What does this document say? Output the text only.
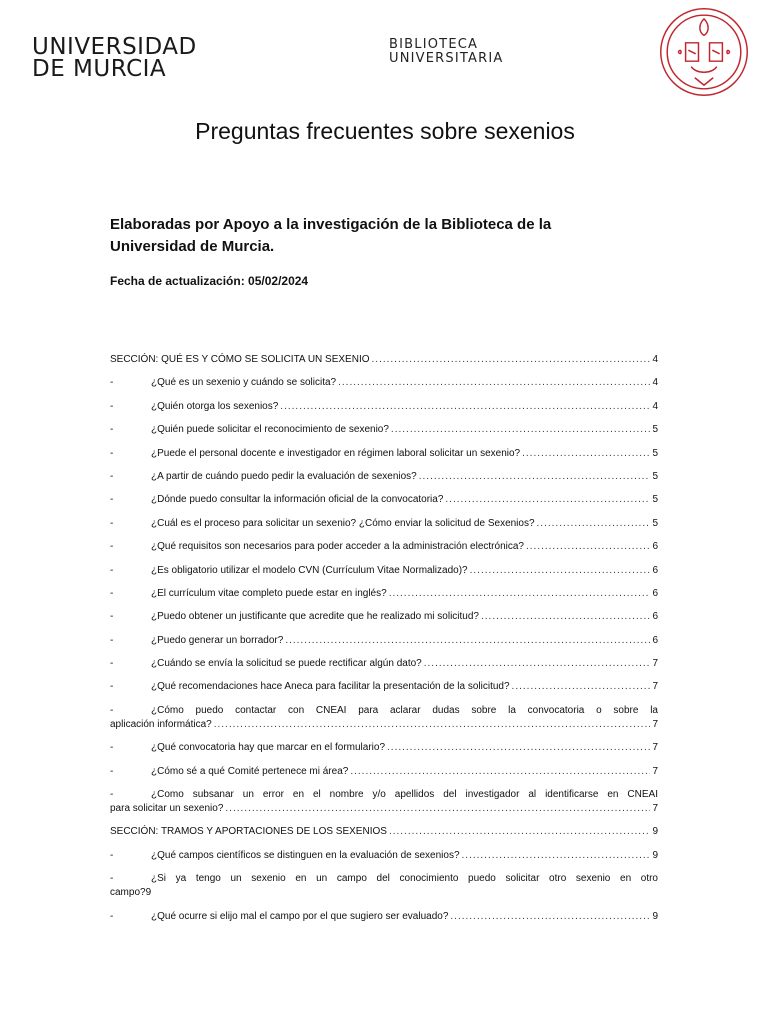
UNIVERSIDAD
DE MURCIA
BIBLIOTECA
UNIVERSITARIA
Preguntas frecuentes sobre sexenios
Elaboradas por Apoyo a la investigación de la Biblioteca de la Universidad de Murcia.
Fecha de actualización: 05/02/2024
SECCIÓN: QUÉ ES Y CÓMO SE SOLICITA UN SEXENIO .....	4
-	¿Qué es un sexenio y cuándo se solicita? .....	4
-	¿Quién otorga los sexenios? .....	4
-	¿Quién puede solicitar el reconocimiento de sexenio? .....	5
-	¿Puede el personal docente e investigador en régimen laboral solicitar un sexenio? .....	5
-	¿A partir de cuándo puedo pedir la evaluación de sexenios? .....	5
-	¿Dónde puedo consultar la información oficial de la convocatoria? .....	5
-	¿Cuál es el proceso para solicitar un sexenio? ¿Cómo enviar la solicitud de Sexenios? .....	5
-	¿Qué requisitos son necesarios para poder acceder a la administración electrónica? .....	6
-	¿Es obligatorio utilizar el modelo CVN (Currículum Vitae Normalizado)? .....	6
-	¿El currículum vitae completo puede estar en inglés? .....	6
-	¿Puedo obtener un justificante que acredite que he realizado mi solicitud? .....	6
-	¿Puedo generar un borrador? .....	6
-	¿Cuándo se envía la solicitud se puede rectificar algún dato? .....	7
-	¿Qué recomendaciones hace Aneca para facilitar la presentación de la solicitud? .....	7
-	¿Cómo puedo contactar con CNEAI para aclarar dudas sobre la convocatoria o sobre la
aplicación informática? .....	7
-	¿Qué convocatoria hay que marcar en el formulario? .....	7
-	¿Cómo sé a qué Comité pertenece mi área? .....	7
-	¿Como subsanar un error en el nombre y/o apellidos del investigador al identificarse en CNEAI
para solicitar un sexenio? .....	7
SECCIÓN: TRAMOS Y APORTACIONES DE LOS SEXENIOS .....	9
-	¿Qué campos científicos se distinguen en la evaluación de sexenios? .....	9
-	¿Si ya tengo un sexenio en un campo del conocimiento puedo solicitar otro sexenio en otro
campo? 9
-	¿Qué ocurre si elijo mal el campo por el que sugiero ser evaluado? .....	9
